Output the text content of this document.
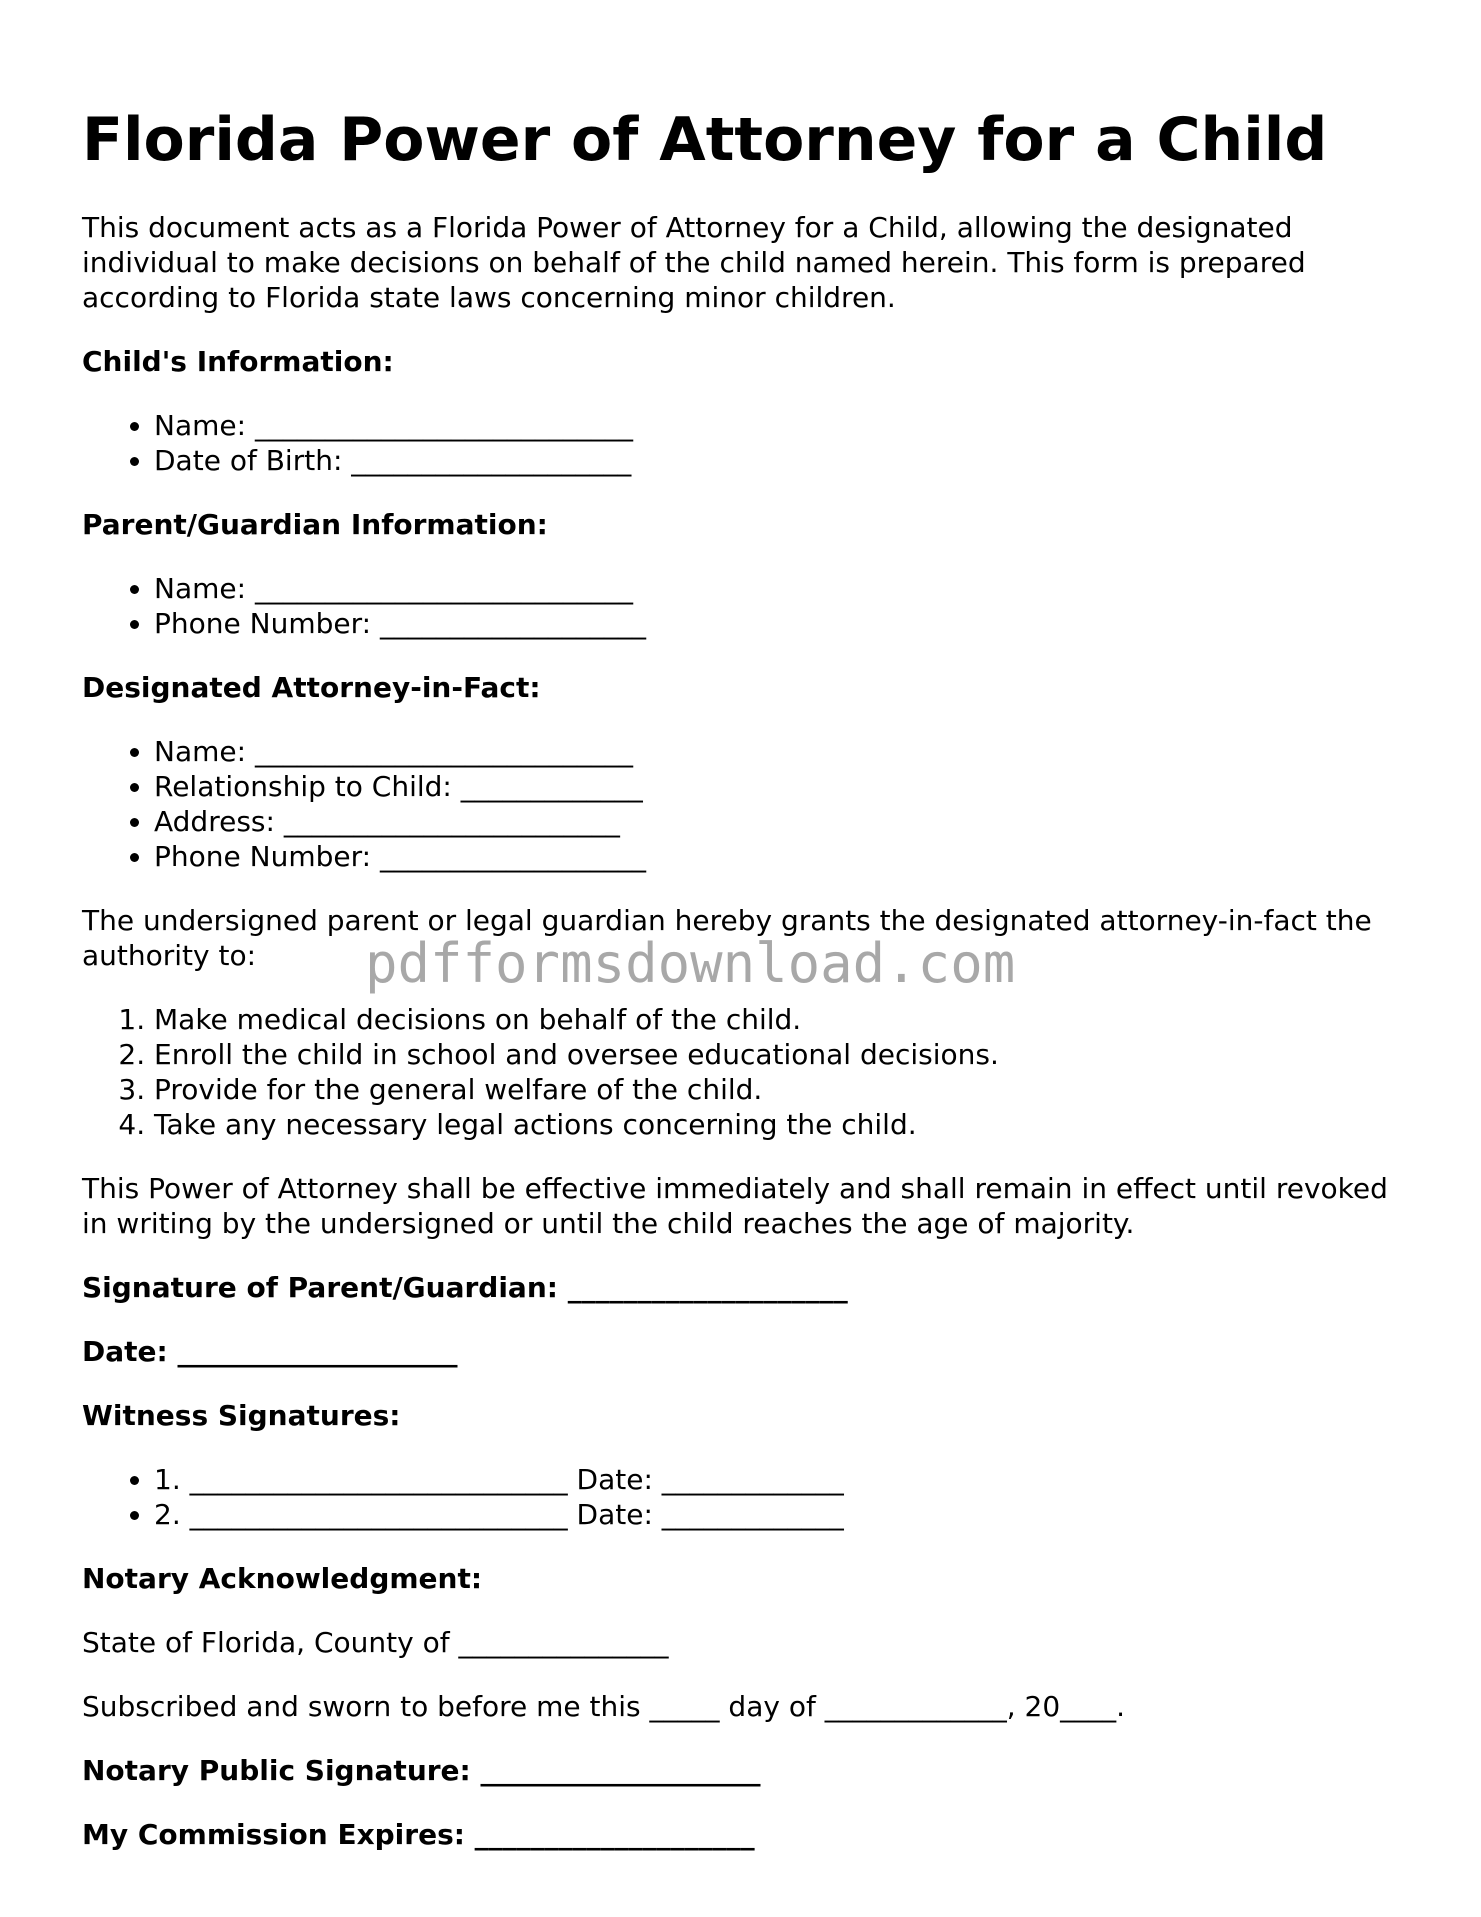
Florida Power of Attorney for a Child

This document acts as a Florida Power of Attorney for a Child, allowing the designated individual to make decisions on behalf of the child named herein. This form is prepared according to Florida state laws concerning minor children.

Child's Information:

• Name: ___________________________
• Date of Birth: ____________________

Parent/Guardian Information:

• Name: ___________________________
• Phone Number: ___________________

Designated Attorney-in-Fact:

• Name: ___________________________
• Relationship to Child: _____________
• Address: ________________________
• Phone Number: ___________________

The undersigned parent or legal guardian hereby grants the designated attorney-in-fact the authority to:

1. Make medical decisions on behalf of the child.
2. Enroll the child in school and oversee educational decisions.
3. Provide for the general welfare of the child.
4. Take any necessary legal actions concerning the child.

This Power of Attorney shall be effective immediately and shall remain in effect until revoked in writing by the undersigned or until the child reaches the age of majority.

Signature of Parent/Guardian: ____________________

Date: ____________________

Witness Signatures:

• 1. ___________________________ Date: _____________
• 2. ___________________________ Date: _____________

Notary Acknowledgment:

State of Florida, County of _______________

Subscribed and sworn to before me this _____ day of _____________, 20____.

Notary Public Signature: ____________________

My Commission Expires: ____________________

pdfformsdownload.com
